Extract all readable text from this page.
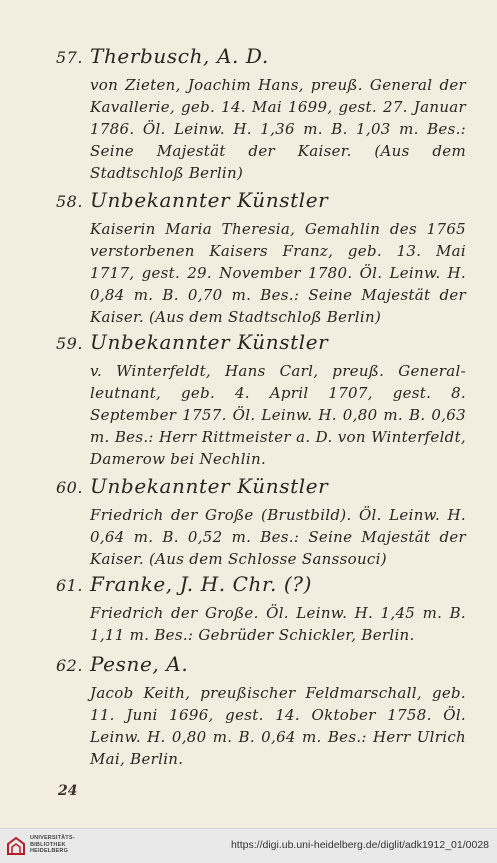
57. Therbusch, A. D.
von Zieten, Joachim Hans, preuß. General der Kavallerie, geb. 14. Mai 1699, gest. 27. Januar 1786. Öl. Leinw. H. 1,36 m. B. 1,03 m. Bes.: Seine Majestät der Kaiser. (Aus dem Stadtschloß Berlin)
58. Unbekannter Künstler
Kaiserin Maria Theresia, Gemahlin des 1765 verstorbenen Kaisers Franz, geb. 13. Mai 1717, gest. 29. November 1780. Öl. Leinw. H. 0,84 m. B. 0,70 m. Bes.: Seine Majestät der Kaiser. (Aus dem Stadtschloß Berlin)
59. Unbekannter Künstler
v. Winterfeldt, Hans Carl, preuß. General-leutnant, geb. 4. April 1707, gest. 8. September 1757. Öl. Leinw. H. 0,80 m. B. 0,63 m. Bes.: Herr Rittmeister a. D. von Winterfeldt, Damerow bei Nechlin.
60. Unbekannter Künstler
Friedrich der Große (Brustbild). Öl. Leinw. H. 0,64 m. B. 0,52 m. Bes.: Seine Majestät der Kaiser. (Aus dem Schlosse Sanssouci)
61. Franke, J. H. Chr. (?)
Friedrich der Große. Öl. Leinw. H. 1,45 m. B. 1,11 m. Bes.: Gebrüder Schickler, Berlin.
62. Pesne, A.
Jacob Keith, preußischer Feldmarschall, geb. 11. Juni 1696, gest. 14. Oktober 1758. Öl. Leinw. H. 0,80 m. B. 0,64 m. Bes.: Herr Ulrich Mai, Berlin.
24
UNIVERSITÄTS-BIBLIOTHEK HEIDELBERG	https://digi.ub.uni-heidelberg.de/diglit/adk1912_01/0028
